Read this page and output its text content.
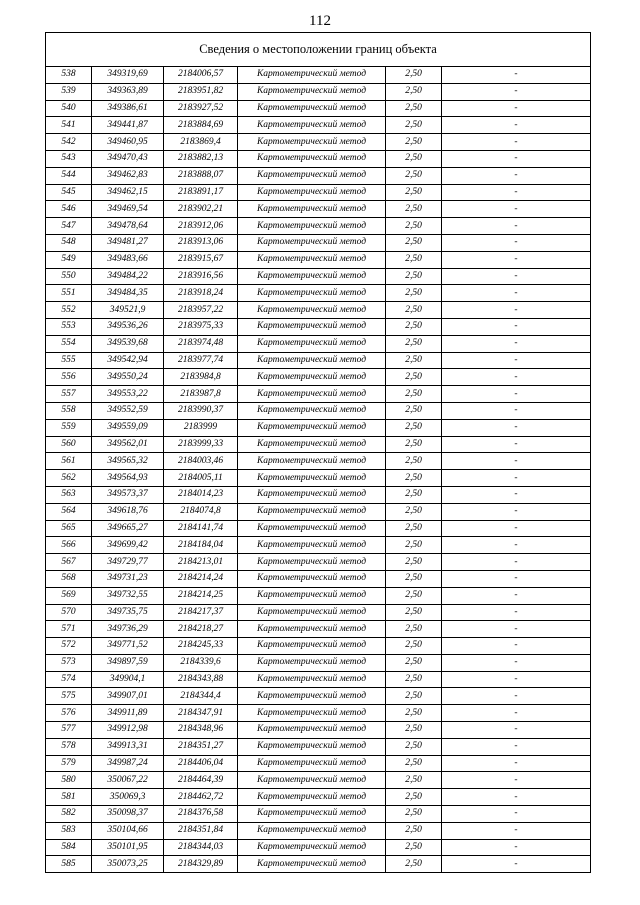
112
Сведения о местоположении границ объекта					
538	349319,69	2184006,57	Картометрический метод	2,50	-
539	349363,89	2183951,82	Картометрический метод	2,50	-
540	349386,61	2183927,52	Картометрический метод	2,50	-
541	349441,87	2183884,69	Картометрический метод	2,50	-
542	349460,95	2183869,4	Картометрический метод	2,50	-
543	349470,43	2183882,13	Картометрический метод	2,50	-
544	349462,83	2183888,07	Картометрический метод	2,50	-
545	349462,15	2183891,17	Картометрический метод	2,50	-
546	349469,54	2183902,21	Картометрический метод	2,50	-
547	349478,64	2183912,06	Картометрический метод	2,50	-
548	349481,27	2183913,06	Картометрический метод	2,50	-
549	349483,66	2183915,67	Картометрический метод	2,50	-
550	349484,22	2183916,56	Картометрический метод	2,50	-
551	349484,35	2183918,24	Картометрический метод	2,50	-
552	349521,9	2183957,22	Картометрический метод	2,50	-
553	349536,26	2183975,33	Картометрический метод	2,50	-
554	349539,68	2183974,48	Картометрический метод	2,50	-
555	349542,94	2183977,74	Картометрический метод	2,50	-
556	349550,24	2183984,8	Картометрический метод	2,50	-
557	349553,22	2183987,8	Картометрический метод	2,50	-
558	349552,59	2183990,37	Картометрический метод	2,50	-
559	349559,09	2183999	Картометрический метод	2,50	-
560	349562,01	2183999,33	Картометрический метод	2,50	-
561	349565,32	2184003,46	Картометрический метод	2,50	-
562	349564,93	2184005,11	Картометрический метод	2,50	-
563	349573,37	2184014,23	Картометрический метод	2,50	-
564	349618,76	2184074,8	Картометрический метод	2,50	-
565	349665,27	2184141,74	Картометрический метод	2,50	-
566	349699,42	2184184,04	Картометрический метод	2,50	-
567	349729,77	2184213,01	Картометрический метод	2,50	-
568	349731,23	2184214,24	Картометрический метод	2,50	-
569	349732,55	2184214,25	Картометрический метод	2,50	-
570	349735,75	2184217,37	Картометрический метод	2,50	-
571	349736,29	2184218,27	Картометрический метод	2,50	-
572	349771,52	2184245,33	Картометрический метод	2,50	-
573	349897,59	2184339,6	Картометрический метод	2,50	-
574	349904,1	2184343,88	Картометрический метод	2,50	-
575	349907,01	2184344,4	Картометрический метод	2,50	-
576	349911,89	2184347,91	Картометрический метод	2,50	-
577	349912,98	2184348,96	Картометрический метод	2,50	-
578	349913,31	2184351,27	Картометрический метод	2,50	-
579	349987,24	2184406,04	Картометрический метод	2,50	-
580	350067,22	2184464,39	Картометрический метод	2,50	-
581	350069,3	2184462,72	Картометрический метод	2,50	-
582	350098,37	2184376,58	Картометрический метод	2,50	-
583	350104,66	2184351,84	Картометрический метод	2,50	-
584	350101,95	2184344,03	Картометрический метод	2,50	-
585	350073,25	2184329,89	Картометрический метод	2,50	-
